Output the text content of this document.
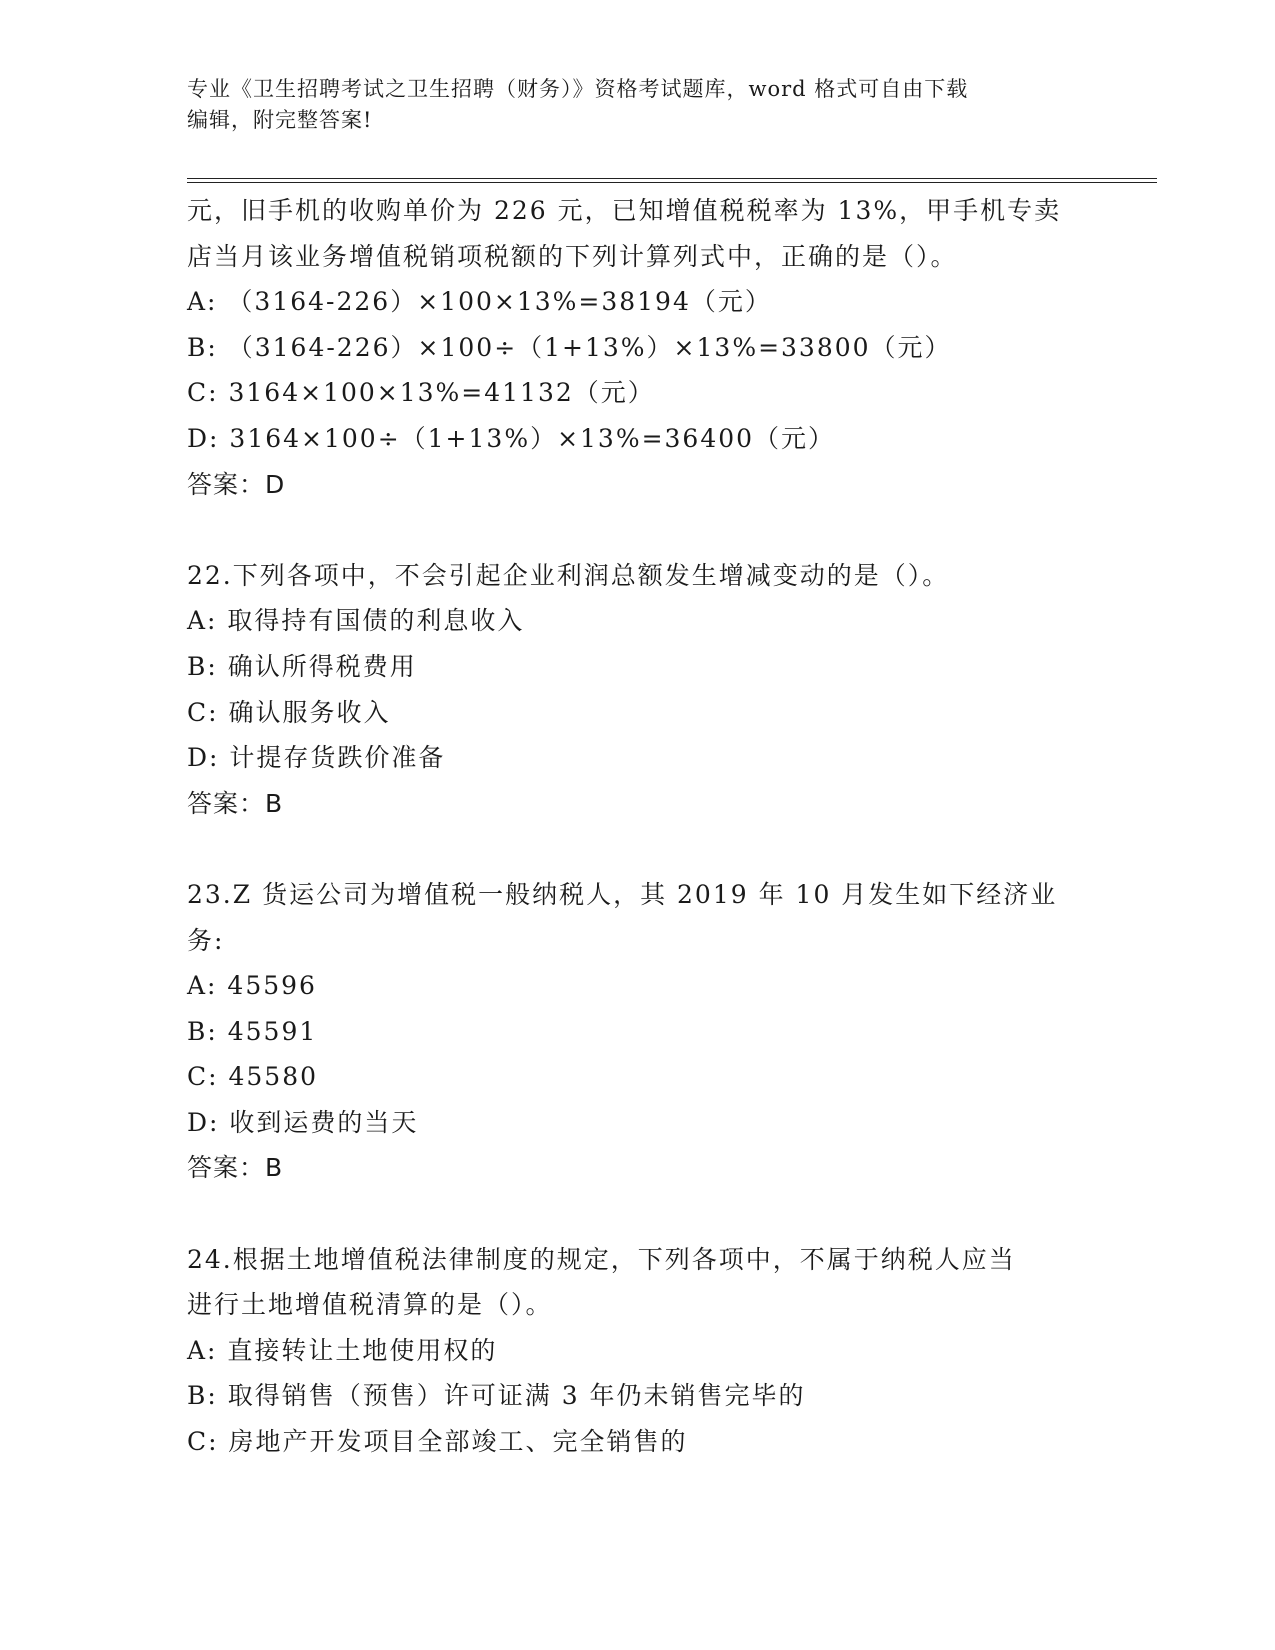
专业《卫生招聘考试之卫生招聘（财务）》资格考试题库，word 格式可自由下载
编辑，附完整答案!
元，旧手机的收购单价为 226 元，已知增值税税率为 13%，甲手机专卖
店当月该业务增值税销项税额的下列计算列式中，正确的是（）。
A: （3164-226）×100×13%=38194（元）
B: （3164-226）×100÷（1+13%）×13%=33800（元）
C: 3164×100×13%=41132（元）
D: 3164×100÷（1+13%）×13%=36400（元）
答案：D
22.下列各项中，不会引起企业利润总额发生增减变动的是（）。
A: 取得持有国债的利息收入
B: 确认所得税费用
C: 确认服务收入
D: 计提存货跌价准备
答案：B
23.Z 货运公司为增值税一般纳税人，其 2019 年 10 月发生如下经济业
务:
A: 45596
B: 45591
C: 45580
D: 收到运费的当天
答案：B
24.根据土地增值税法律制度的规定，下列各项中，不属于纳税人应当
进行土地增值税清算的是（）。
A: 直接转让土地使用权的
B: 取得销售（预售）许可证满 3 年仍未销售完毕的
C: 房地产开发项目全部竣工、完全销售的
